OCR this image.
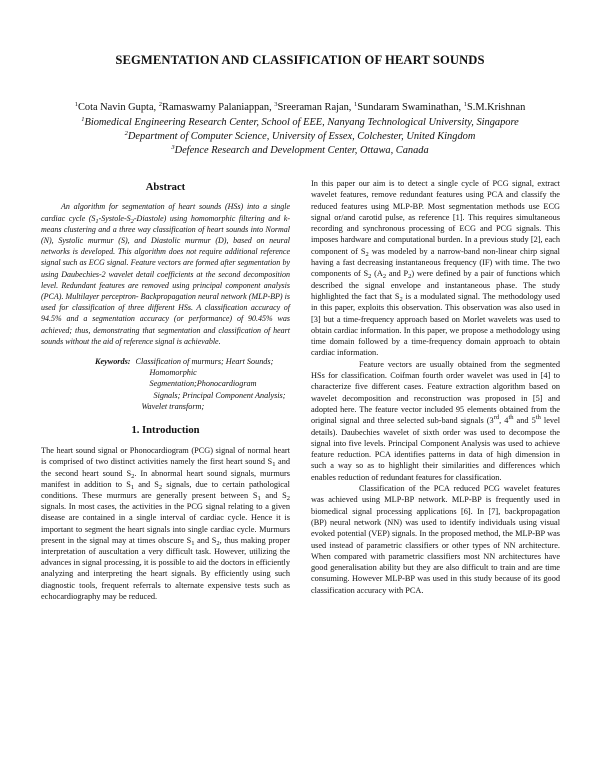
SEGMENTATION AND CLASSIFICATION OF HEART SOUNDS
$^1$Cota Navin Gupta, $^2$Ramaswamy Palaniappan, $^3$Sreeraman Rajan, $^1$Sundaram Swaminathan, $^1$S.M.Krishnan
$^1$Biomedical Engineering Research Center, School of EEE, Nanyang Technological University, Singapore
$^2$Department of Computer Science, University of Essex, Colchester, United Kingdom
$^3$Defence Research and Development Center, Ottawa, Canada
Abstract
An algorithm for segmentation of heart sounds (HSs) into a single cardiac cycle $(S_1-Systole-S_2-Diastole)$ using homomorphic filtering and k-means clustering and a three way classification of heart sounds into Normal (N), Systolic murmur (S), and Diastolic murmur (D), based on neural networks is developed. This algorithm does not require additional reference signal such as ECG signal. Feature vectors are formed after segmentation by using Daubechies-2 wavelet detail coefficients at the second decomposition level. Redundant features are removed using principal component analysis (PCA). Multilayer perceptron- Backpropagation neural network (MLP-BP) is used for classification of three different HSs. A classification accuracy of 94.5% and a segmentation accuracy (or performance) of 90.45% was achieved; thus, demonstrating that segmentation and classification of heart sounds without the aid of reference signal is achievable.
Keywords: Classification of murmurs; Heart Sounds;
Homomorphic Segmentation;Phonocardiogram
Signals; Principal Component Analysis;
Wavelet transform;
1. Introduction
The heart sound signal or Phonocardiogram (PCG) signal of normal heart is comprised of two distinct activities namely the first heart sound $S_1$ and the second heart sound $S_2$. In abnormal heart sound signals, murmurs manifest in addition to $S_1$ and $S_2$ signals, due to certain pathological conditions. These murmurs are generally present between $S_1$ and $S_2$ signals. In most cases, the activities in the PCG signal relating to a given disease are contained in a single interval of cardiac cycle. Hence it is important to segment the heart signals into single cardiac cycle. Murmurs present in the signal may at times obscure $S_1$ and $S_2$, thus making proper interpretation of auscultation a very difficult task. However, utilizing the advances in signal processing, it is possible to aid the doctors in efficiently analyzing and interpreting the heart signals. By efficiently using such diagnostic tools, frequent referrals to alternate expensive tests such as echocardiography may be reduced.

In this paper our aim is to detect a single cycle of PCG signal, extract wavelet features, remove redundant features using PCA and classify the reduced features using MLP-BP. Most segmentation methods use ECG signal or/and carotid pulse, as reference [1]. This requires simultaneous recording and synchronous processing of ECG and PCG signals. This imposes hardware and computational burden. In a previous study [2], each component of $S_2$ was modeled by a narrow-band non-linear chirp signal having a fast decreasing instantaneous frequency (IF) with time. The two components of $S_2$ ($A_2$ and $P_2$) were defined by a pair of functions which described the signal envelope and instantaneous phase. The study highlighted the fact that $S_2$ is a modulated signal. The methodology used in this paper, exploits this observation. This observation was also used in [3] but a time-frequency approach based on Morlet wavelets was used to obtain cardiac information. In this paper, we propose a methodology using time domain followed by a time-frequency domain approach to obtain cardiac information.

Feature vectors are usually obtained from the segmented HSs for classification. Coifman fourth order wavelet was used in [4] to characterize five different cases. Feature extraction algorithm based on wavelet decomposition and reconstruction was proposed in [5] and adopted here. The feature vector included 95 elements obtained from the original signal and three selected sub-band signals (3rd, 4th and 5th level details). Daubechies wavelet of sixth order was used to decompose the signal into five levels. Principal Component Analysis was used to achieve feature reduction. PCA identifies patterns in data of high dimension in such a way so as to highlight their similarities and differences which enables reduction of redundant features for classification.

Classification of the PCA reduced PCG wavelet features was achieved using MLP-BP network. MLP-BP is frequently used in biomedical signal processing applications [6]. In [7], backpropagation (BP) neural network (NN) was used to identify individuals using visual evoked potential (VEP) signals. In the proposed method, the MLP-BP was used instead of parametric classifiers or other types of NN architecture. When compared with parametric classifiers most NN architectures have good generalisation ability but they are also difficult to train and are time consuming. However MLP-BP was used in this study because of its good classification accuracy with PCA.
